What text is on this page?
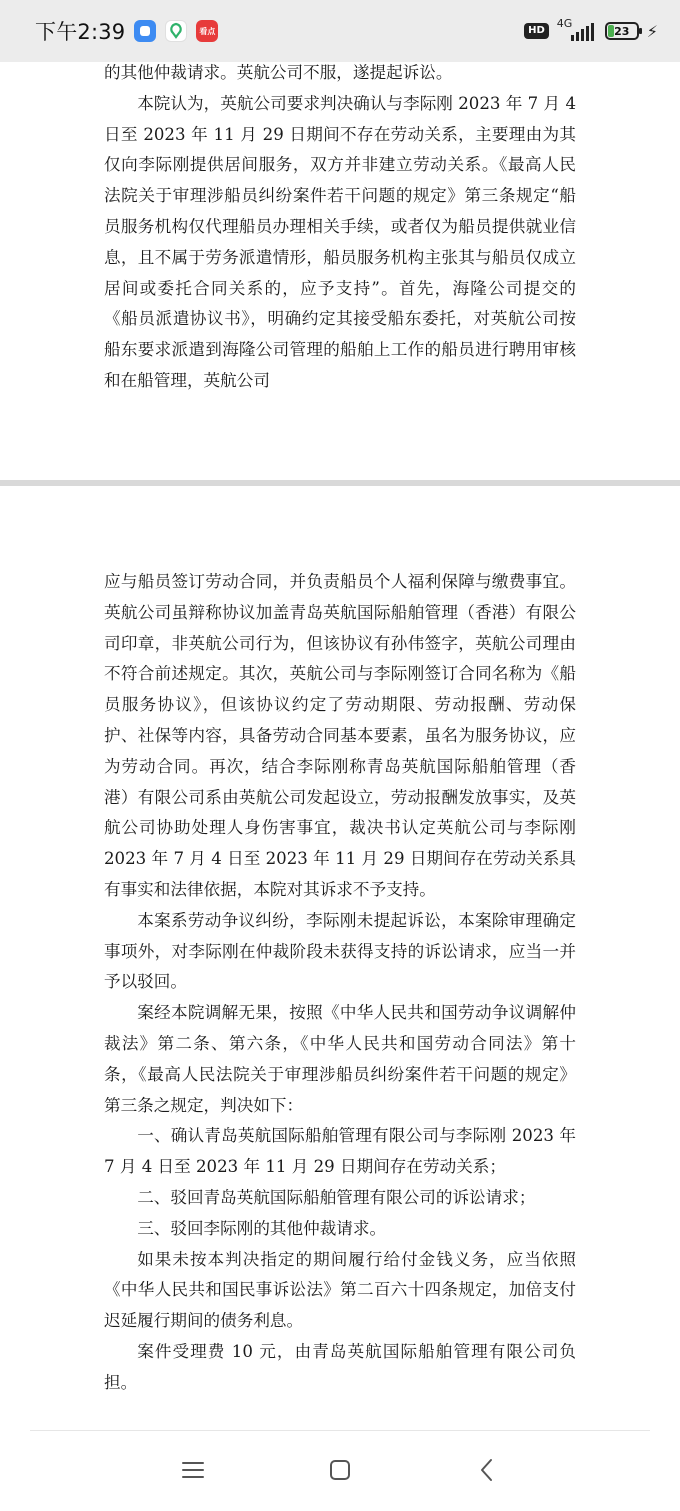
下午2:39	看点	HD
4G
23 ⚡

的其他仲裁请求。英航公司不服，遂提起诉讼。

本院认为，英航公司要求判决确认与李际刚 2023 年 7 月 4 日至 2023 年 11 月 29 日期间不存在劳动关系，主要理由为其仅向李际刚提供居间服务，双方并非建立劳动关系。《最高人民法院关于审理涉船员纠纷案件若干问题的规定》第三条规定“船员服务机构仅代理船员办理相关手续，或者仅为船员提供就业信息，且不属于劳务派遣情形，船员服务机构主张其与船员仅成立居间或委托合同关系的，应予支持”。首先，海隆公司提交的《船员派遣协议书》，明确约定其接受船东委托，对英航公司按船东要求派遣到海隆公司管理的船舶上工作的船员进行聘用审核和在船管理，英航公司

应与船员签订劳动合同，并负责船员个人福利保障与缴费事宜。英航公司虽辩称协议加盖青岛英航国际船舶管理（香港）有限公司印章，非英航公司行为，但该协议有孙伟签字，英航公司理由不符合前述规定。其次，英航公司与李际刚签订合同名称为《船员服务协议》，但该协议约定了劳动期限、劳动报酬、劳动保护、社保等内容，具备劳动合同基本要素，虽名为服务协议，应为劳动合同。再次，结合李际刚称青岛英航国际船舶管理（香港）有限公司系由英航公司发起设立，劳动报酬发放事实，及英航公司协助处理人身伤害事宜，裁决书认定英航公司与李际刚 2023 年 7 月 4 日至 2023 年 11 月 29 日期间存在劳动关系具有事实和法律依据，本院对其诉求不予支持。

本案系劳动争议纠纷，李际刚未提起诉讼，本案除审理确定事项外，对李际刚在仲裁阶段未获得支持的诉讼请求，应当一并予以驳回。

案经本院调解无果，按照《中华人民共和国劳动争议调解仲裁法》第二条、第六条，《中华人民共和国劳动合同法》第十条，《最高人民法院关于审理涉船员纠纷案件若干问题的规定》第三条之规定，判决如下：

一、确认青岛英航国际船舶管理有限公司与李际刚 2023 年 7 月 4 日至 2023 年 11 月 29 日期间存在劳动关系；

二、驳回青岛英航国际船舶管理有限公司的诉讼请求；

三、驳回李际刚的其他仲裁请求。

如果未按本判决指定的期间履行给付金钱义务，应当依照《中华人民共和国民事诉讼法》第二百六十四条规定，加倍支付迟延履行期间的债务利息。

案件受理费 10 元，由青岛英航国际船舶管理有限公司负担。
